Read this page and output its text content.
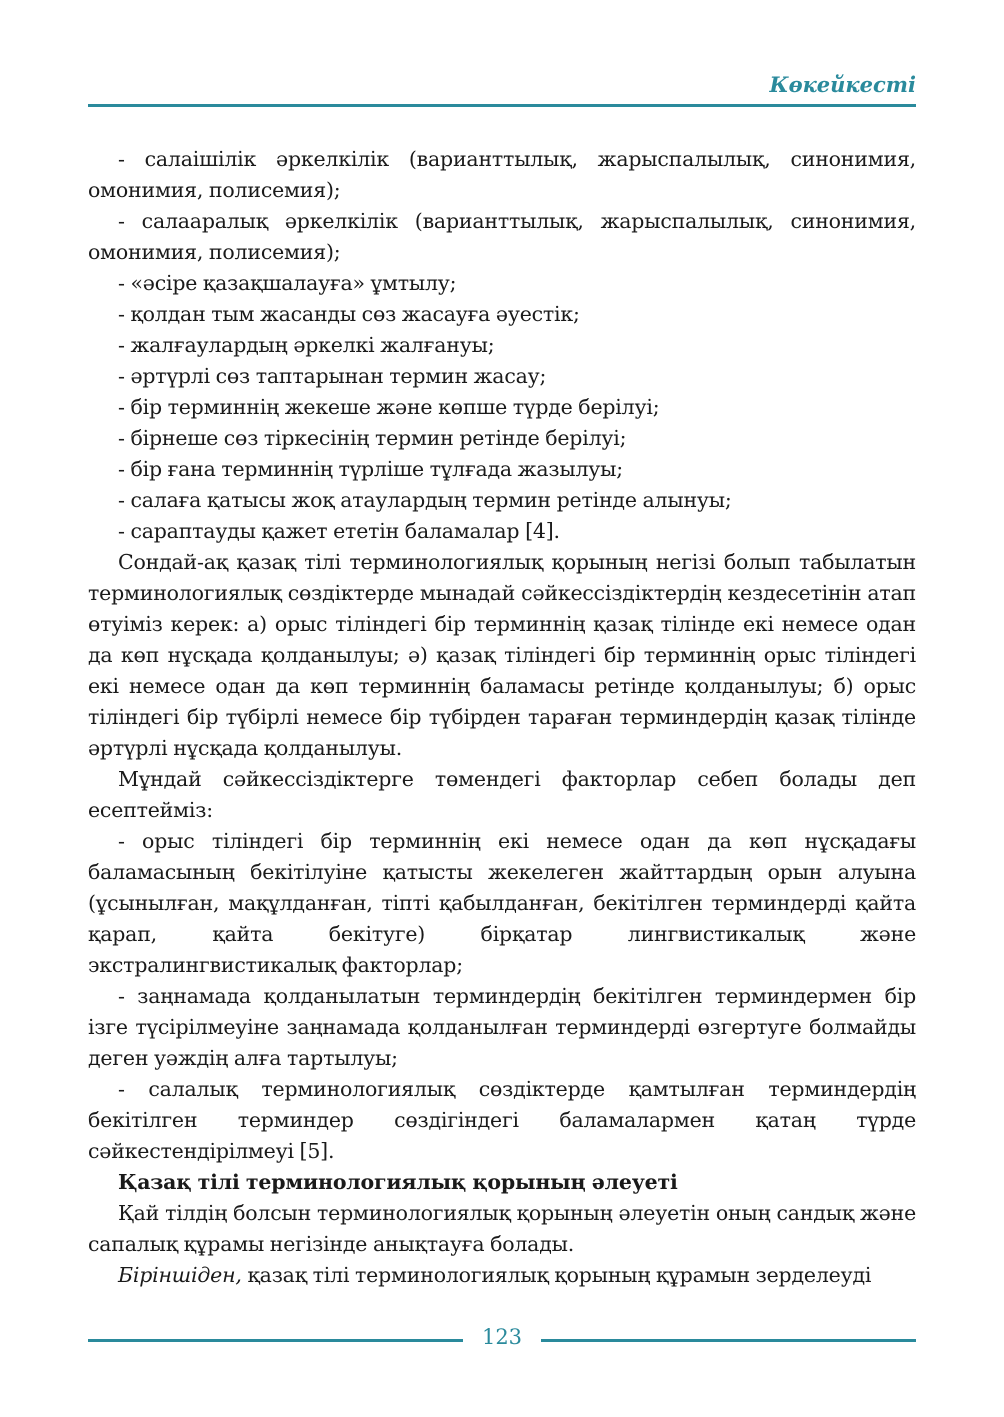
Көкейкесті

- салаішілік әркелкілік (варианттылық, жарыспалылық, синонимия, омонимия, полисемия);

- салааралық әркелкілік (варианттылық, жарыспалылық, синонимия, омонимия, полисемия);

- «әсіре қазақшалауға» ұмтылу;

- қолдан тым жасанды сөз жасауға әуестік;

- жалғаулардың әркелкі жалғануы;

- әртүрлі сөз таптарынан термин жасау;

- бір терминнің жекеше және көпше түрде берілуі;

- бірнеше сөз тіркесінің термин ретінде берілуі;

- бір ғана терминнің түрліше тұлғада жазылуы;

- салаға қатысы жоқ атаулардың термин ретінде алынуы;

- сараптауды қажет ететін баламалар [4].

Сондай-ақ қазақ тілі терминологиялық қорының негізі болып табылатын терминологиялық сөздіктерде мынадай сәйкессіздіктердің кездесетінін атап өтуіміз керек: а) орыс тіліндегі бір терминнің қазақ тілінде екі немесе одан да көп нұсқада қолданылуы; ә) қазақ тіліндегі бір терминнің орыс тіліндегі екі немесе одан да көп терминнің баламасы ретінде қолданылуы; б) орыс тіліндегі бір түбірлі немесе бір түбірден тараған терминдердің қазақ тілінде әртүрлі нұсқада қолданылуы.

Мұндай сәйкессіздіктерге төмендегі факторлар себеп болады деп есептейміз:

- орыс тіліндегі бір терминнің екі немесе одан да көп нұсқадағы баламасының бекітілуіне қатысты жекелеген жайттардың орын алуына (ұсынылған, мақұлданған, тіпті қабылданған, бекітілген терминдерді қайта қарап, қайта бекітуге) бірқатар лингвистикалық және экстралингвистикалық факторлар;

- заңнамада қолданылатын терминдердің бекітілген терминдермен бір ізге түсірілмеуіне заңнамада қолданылған терминдерді өзгертуге болмайды деген уәждің алға тартылуы;

- салалық терминологиялық сөздіктерде қамтылған терминдердің бекітілген терминдер сөздігіндегі баламалармен қатаң түрде сәйкестендірілмеуі [5].

Қазақ тілі терминологиялық қорының әлеуеті

Қай тілдің болсын терминологиялық қорының әлеуетін оның сандық және сапалық құрамы негізінде анықтауға болады.

Біріншіден, қазақ тілі терминологиялық қорының құрамын зерделеуді

123
